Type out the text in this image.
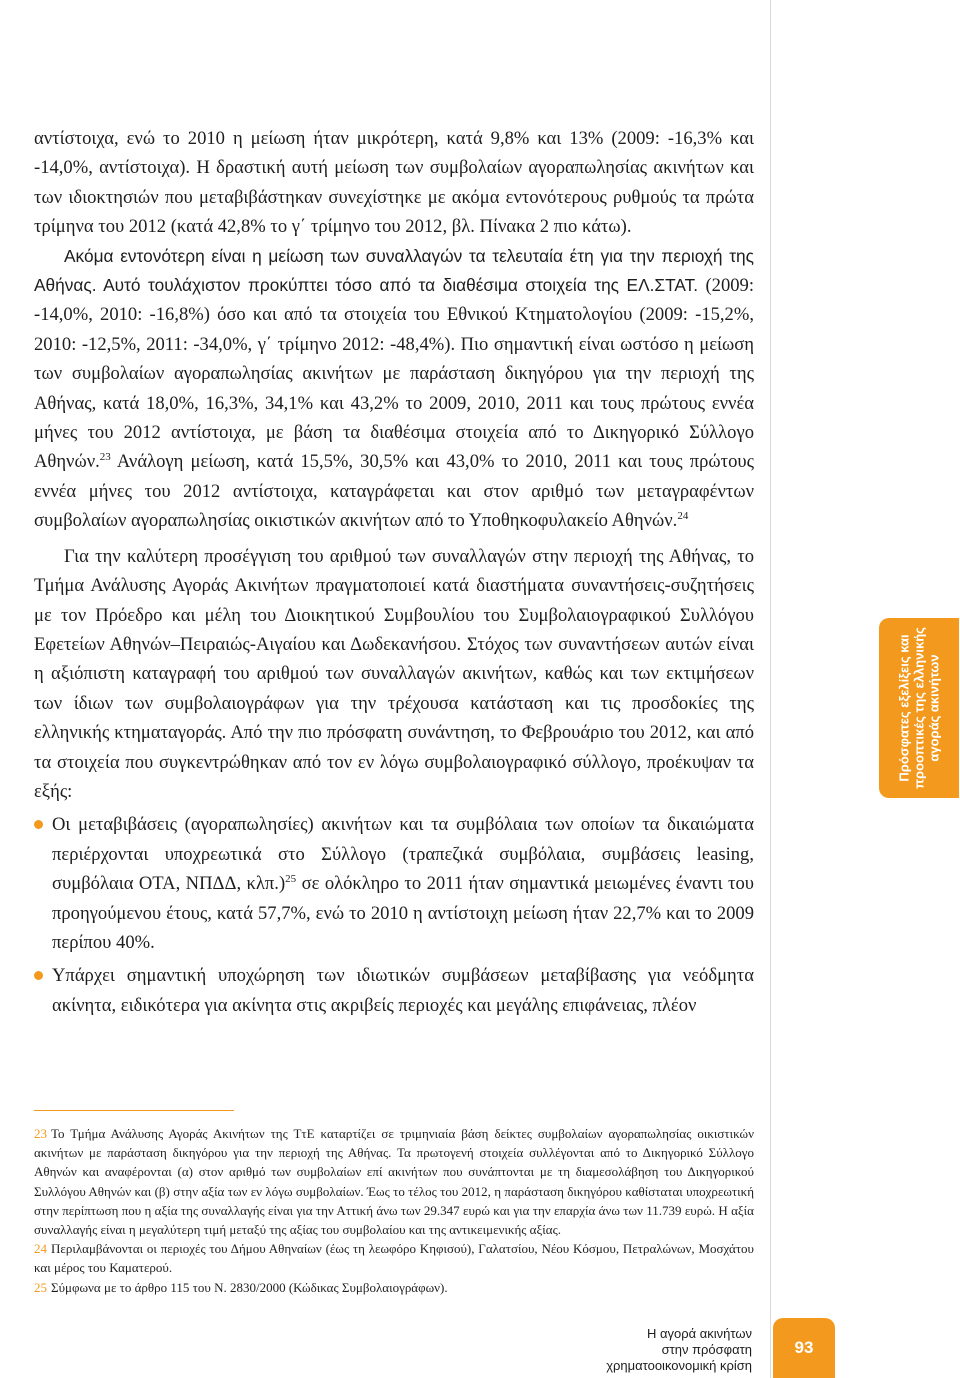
αντίστοιχα, ενώ το 2010 η μείωση ήταν μικρότερη, κατά 9,8% και 13% (2009: -16,3% και -14,0%, αντίστοιχα). Η δραστική αυτή μείωση των συμβολαίων αγοραπωλησίας ακινήτων και των ιδιοκτησιών που μεταβιβάστηκαν συνεχίστηκε με ακόμα εντονότερους ρυθμούς τα πρώτα τρίμηνα του 2012 (κατά 42,8% το γ΄ τρίμηνο του 2012, βλ. Πίνακα 2 πιο κάτω).

Ακόμα εντονότερη είναι η μείωση των συναλλαγών τα τελευταία έτη για την περιοχή της Αθήνας. Αυτό τουλάχιστον προκύπτει τόσο από τα διαθέσιμα στοιχεία της ΕΛ.ΣΤΑΤ. (2009: -14,0%, 2010: -16,8%) όσο και από τα στοιχεία του Εθνικού Κτηματολογίου (2009: -15,2%, 2010: -12,5%, 2011: -34,0%, γ΄ τρίμηνο 2012: -48,4%). Πιο σημαντική είναι ωστόσο η μείωση των συμβολαίων αγοραπωλησίας ακινήτων με παράσταση δικηγόρου για την περιοχή της Αθήνας, κατά 18,0%, 16,3%, 34,1% και 43,2% το 2009, 2010, 2011 και τους πρώτους εννέα μήνες του 2012 αντίστοιχα, με βάση τα διαθέσιμα στοιχεία από το Δικηγορικό Σύλλογο Αθηνών.$^{23}$ Ανάλογη μείωση, κατά 15,5%, 30,5% και 43,0% το 2010, 2011 και τους πρώτους εννέα μήνες του 2012 αντίστοιχα, καταγράφεται και στον αριθμό των μεταγραφέντων συμβολαίων αγοραπωλησίας οικιστικών ακινήτων από το Υποθηκοφυλακείο Αθηνών.$^{24}$

Για την καλύτερη προσέγγιση του αριθμού των συναλλαγών στην περιοχή της Αθήνας, το Τμήμα Ανάλυσης Αγοράς Ακινήτων πραγματοποιεί κατά διαστήματα συναντήσεις-συζητήσεις με τον Πρόεδρο και μέλη του Διοικητικού Συμβουλίου του Συμβολαιογραφικού Συλλόγου Εφετείων Αθηνών–Πειραιώς-Αιγαίου και Δωδεκανήσου. Στόχος των συναντήσεων αυτών είναι η αξιόπιστη καταγραφή του αριθμού των συναλλαγών ακινήτων, καθώς και των εκτιμήσεων των ίδιων των συμβολαιογράφων για την τρέχουσα κατάσταση και τις προσδοκίες της ελληνικής κτηματαγοράς. Από την πιο πρόσφατη συνάντηση, το Φεβρουάριο του 2012, και από τα στοιχεία που συγκεντρώθηκαν από τον εν λόγω συμβολαιογραφικό σύλλογο, προέκυψαν τα εξής:

Οι μεταβιβάσεις (αγοραπωλησίες) ακινήτων και τα συμβόλαια των οποίων τα δικαιώματα περιέρχονται υποχρεωτικά στο Σύλλογο (τραπεζικά συμβόλαια, συμβάσεις leasing, συμβόλαια ΟΤΑ, ΝΠΔΔ, κλπ.)$^{25}$ σε ολόκληρο το 2011 ήταν σημαντικά μειωμένες έναντι του προηγούμενου έτους, κατά 57,7%, ενώ το 2010 η αντίστοιχη μείωση ήταν 22,7% και το 2009 περίπου 40%.
Υπάρχει σημαντική υποχώρηση των ιδιωτικών συμβάσεων μεταβίβασης για νεόδμητα ακίνητα, ειδικότερα για ακίνητα στις ακριβείς περιοχές και μεγάλης επιφάνειας, πλέον

23 Το Τμήμα Ανάλυσης Αγοράς Ακινήτων της ΤτΕ καταρτίζει σε τριμηνιαία βάση δείκτες συμβολαίων αγοραπωλησίας οικιστικών ακινήτων με παράσταση δικηγόρου για την περιοχή της Αθήνας. Τα πρωτογενή στοιχεία συλλέγονται από το Δικηγορικό Σύλλογο Αθηνών και αναφέρονται (α) στον αριθμό των συμβολαίων επί ακινήτων που συνάπτονται με τη διαμεσολάβηση του Δικηγορικού Συλλόγου Αθηνών και (β) στην αξία των εν λόγω συμβολαίων. Έως το τέλος του 2012, η παράσταση δικηγόρου καθίσταται υποχρεωτική στην περίπτωση που η αξία της συναλλαγής είναι για την Αττική άνω των 29.347 ευρώ και για την επαρχία άνω των 11.739 ευρώ. Η αξία συναλλαγής είναι η μεγαλύτερη τιμή μεταξύ της αξίας του συμβολαίου και της αντικειμενικής αξίας.

24 Περιλαμβάνονται οι περιοχές του Δήμου Αθηναίων (έως τη λεωφόρο Κηφισού), Γαλατσίου, Νέου Κόσμου, Πετραλώνων, Μοσχάτου και μέρος του Καματερού.

25 Σύμφωνα με το άρθρο 115 του Ν. 2830/2000 (Κώδικας Συμβολαιογράφων).

Πρόσφατες εξελίξεις και προοπτικές της ελληνικής αγοράς ακινήτων
Η αγορά ακινήτων
στην πρόσφατη
χρηματοοικονομική κρίση
93
